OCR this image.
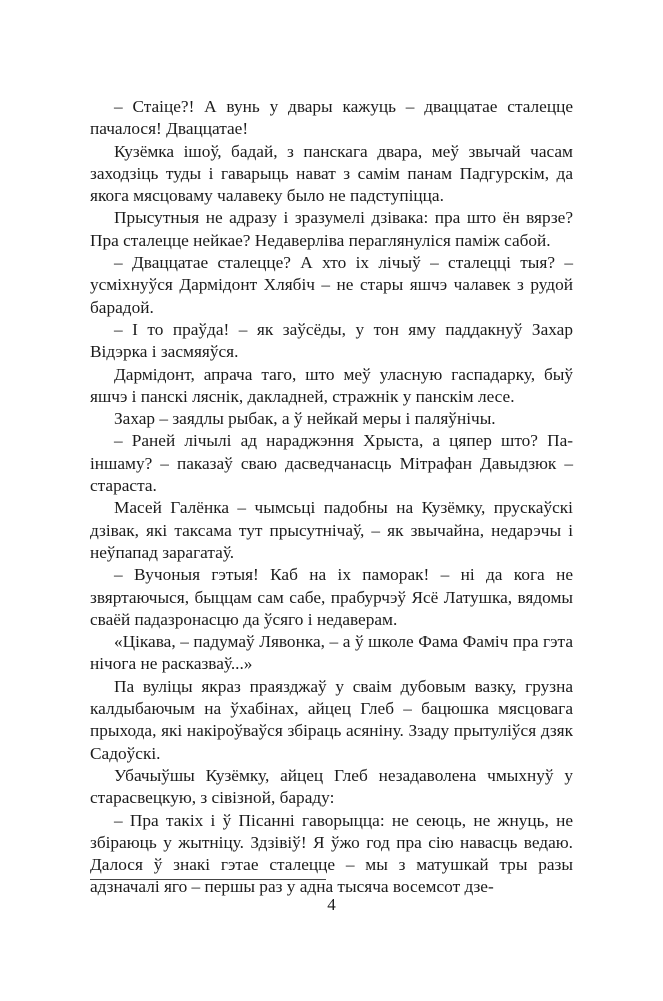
– Стаіце?! А вунь у двары кажуць – дваццатае сталецце пачалося! Дваццатае!

Кузёмка ішоў, бадай, з панскага двара, меў звычай часам заходзіць туды і гаварыць нават з самім панам Падгурскім, да якога мясцоваму чалавеку было не падступіцца.

Прысутныя не адразу і зразумелі дзівака: пра што ён вярзе? Пра сталецце нейкае? Недаверліва пераглянуліся паміж сабой.

– Дваццатае сталецце? А хто іх лічыў – сталецці тыя? – усміхнуўся Дармідонт Хлябіч – не стары яшчэ чалавек з рудой барадой.

– І то праўда! – як заўсёды, у тон яму паддакнуў Захар Відэрка і засмяяўся.

Дармідонт, апрача таго, што меў уласную гаспадарку, быў яшчэ і панскі ляснік, дакладней, стражнік у панскім лесе.

Захар – заядлы рыбак, а ў нейкай меры і паляўнічы.

– Раней лічылі ад нараджэння Хрыста, а цяпер што? Па-іншаму? – паказаў сваю дасведчанасць Мітрафан Давыдзюк – стараста.

Масей Галёнка – чымсьці падобны на Кузёмку, прускаўскі дзівак, які таксама тут прысутнічаў, – як звычайна, недарэчы і неўпапад зарагатаў.

– Вучоныя гэтыя! Каб на іх паморак! – ні да кога не звяртаючыся, быццам сам сабе, прабурчэў Ясё Латушка, вядомы сваёй падазронасцю да ўсяго і недаверам.

«Цікава, – падумаў Лявонка, – а ў школе Фама Фаміч пра гэта нічога не расказваў...»

Па вуліцы якраз праязджаў у сваім дубовым вазку, грузна калдыбаючым на ўхабінах, айцец Глеб – бацюшка мясцовага прыхода, які накіроўваўся збіраць асяніну. Ззаду прытуліўся дзяк Садоўскі.

Убачыўшы Кузёмку, айцец Глеб незадаволена чмыхнуў у старасвецкую, з сівізной, бараду:

– Пра такіх і ў Пісанні гаворыцца: не сеюць, не жнуць, не збіраюць у жытніцу. Здзівіў! Я ўжо год пра сію навасць ведаю. Далося ў знакі гэтае сталецце – мы з матушкай тры разы адзначалі яго – першы раз у адна тысяча восемсот дзе-

4
